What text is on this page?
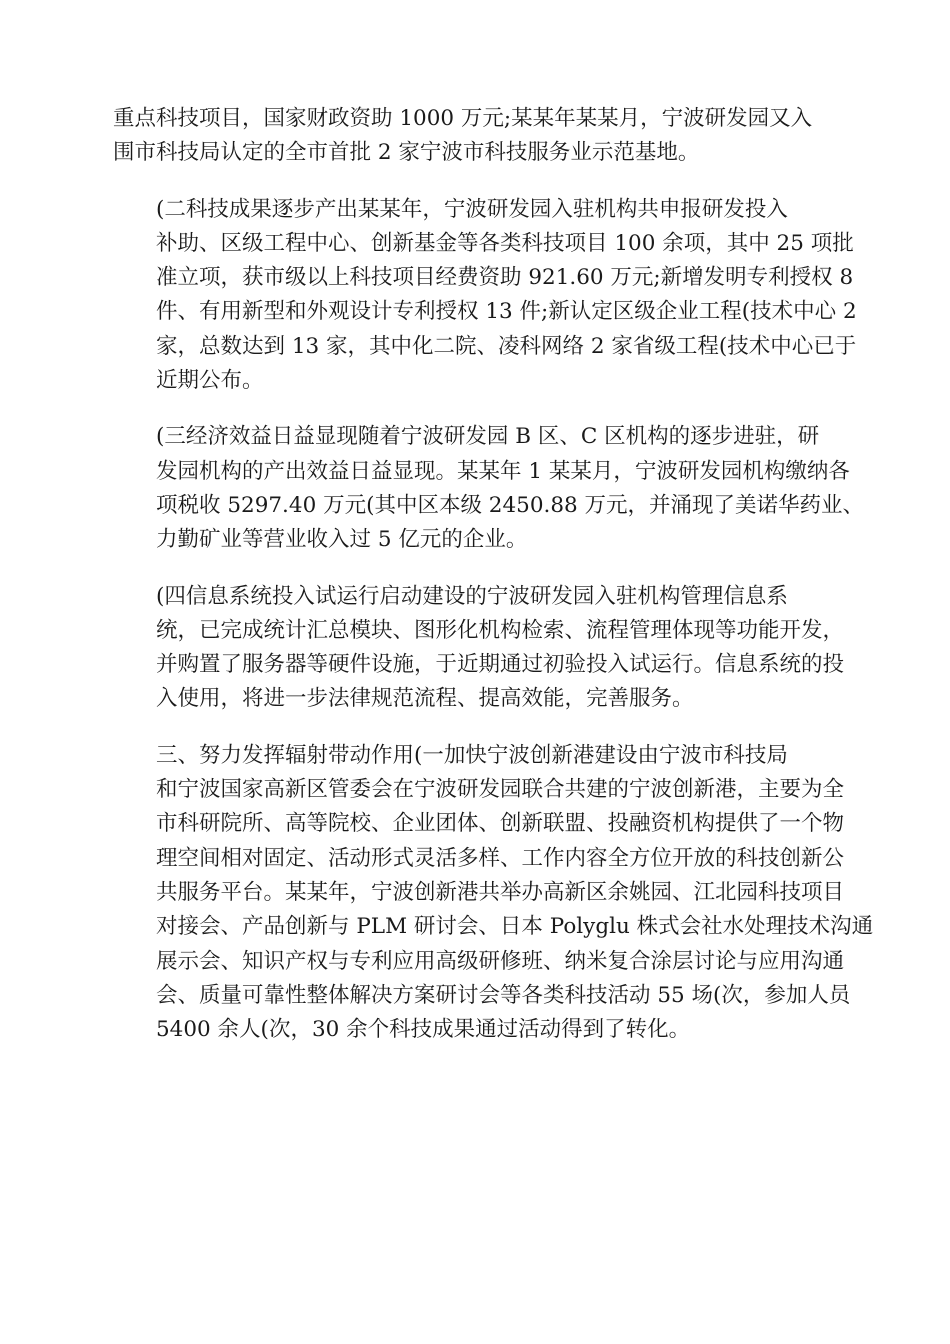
重点科技项目，国家财政资助 1000 万元;某某年某某月，宁波研发园又入
围市科技局认定的全市首批 2 家宁波市科技服务业示范基地。

(二科技成果逐步产出某某年，宁波研发园入驻机构共申报研发投入
补助、区级工程中心、创新基金等各类科技项目 100 余项，其中 25 项批
准立项，获市级以上科技项目经费资助 921.60 万元;新增发明专利授权 8
件、有用新型和外观设计专利授权 13 件;新认定区级企业工程(技术中心 2
家，总数达到 13 家，其中化二院、凌科网络 2 家省级工程(技术中心已于
近期公布。

(三经济效益日益显现随着宁波研发园 B 区、C 区机构的逐步进驻，研
发园机构的产出效益日益显现。某某年 1 某某月，宁波研发园机构缴纳各
项税收 5297.40 万元(其中区本级 2450.88 万元，并涌现了美诺华药业、
力勤矿业等营业收入过 5 亿元的企业。

(四信息系统投入试运行启动建设的宁波研发园入驻机构管理信息系
统，已完成统计汇总模块、图形化机构检索、流程管理体现等功能开发，
并购置了服务器等硬件设施，于近期通过初验投入试运行。信息系统的投
入使用，将进一步法律规范流程、提高效能，完善服务。

三、努力发挥辐射带动作用(一加快宁波创新港建设由宁波市科技局
和宁波国家高新区管委会在宁波研发园联合共建的宁波创新港，主要为全
市科研院所、高等院校、企业团体、创新联盟、投融资机构提供了一个物
理空间相对固定、活动形式灵活多样、工作内容全方位开放的科技创新公
共服务平台。某某年，宁波创新港共举办高新区余姚园、江北园科技项目
对接会、产品创新与 PLM 研讨会、日本 Polyglu 株式会社水处理技术沟通
展示会、知识产权与专利应用高级研修班、纳米复合涂层讨论与应用沟通
会、质量可靠性整体解决方案研讨会等各类科技活动 55 场(次，参加人员
5400 余人(次，30 余个科技成果通过活动得到了转化。
